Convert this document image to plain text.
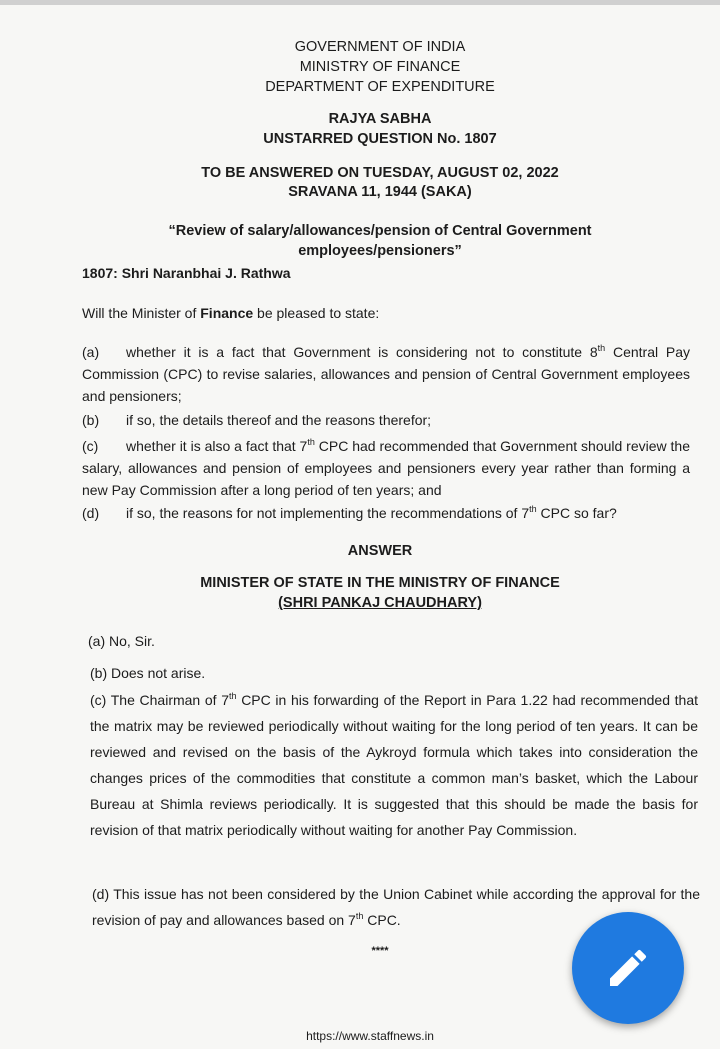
GOVERNMENT OF INDIA
MINISTRY OF FINANCE
DEPARTMENT OF EXPENDITURE
RAJYA SABHA
UNSTARRED QUESTION No. 1807
TO BE ANSWERED ON TUESDAY, AUGUST 02, 2022
SRAVANA 11, 1944 (SAKA)
“Review of salary/allowances/pension of Central Government
employees/pensioners”
1807: Shri Naranbhai J. Rathwa
Will the Minister of Finance be pleased to state:
(a) whether it is a fact that Government is considering not to constitute 8th Central Pay Commission (CPC) to revise salaries, allowances and pension of Central Government employees and pensioners;
(b) if so, the details thereof and the reasons therefor;
(c) whether it is also a fact that 7th CPC had recommended that Government should review the salary, allowances and pension of employees and pensioners every year rather than forming a new Pay Commission after a long period of ten years; and
(d) if so, the reasons for not implementing the recommendations of 7th CPC so far?
ANSWER
MINISTER OF STATE IN THE MINISTRY OF FINANCE
(SHRI PANKAJ CHAUDHARY)
(a) No, Sir.
(b) Does not arise.
(c) The Chairman of 7th CPC in his forwarding of the Report in Para 1.22 had recommended that the matrix may be reviewed periodically without waiting for the long period of ten years. It can be reviewed and revised on the basis of the Aykroyd formula which takes into consideration the changes prices of the commodities that constitute a common man’s basket, which the Labour Bureau at Shimla reviews periodically. It is suggested that this should be made the basis for revision of that matrix periodically without waiting for another Pay Commission.
(d) This issue has not been considered by the Union Cabinet while according the approval for the revision of pay and allowances based on 7th CPC.
****
https://www.staffnews.in
